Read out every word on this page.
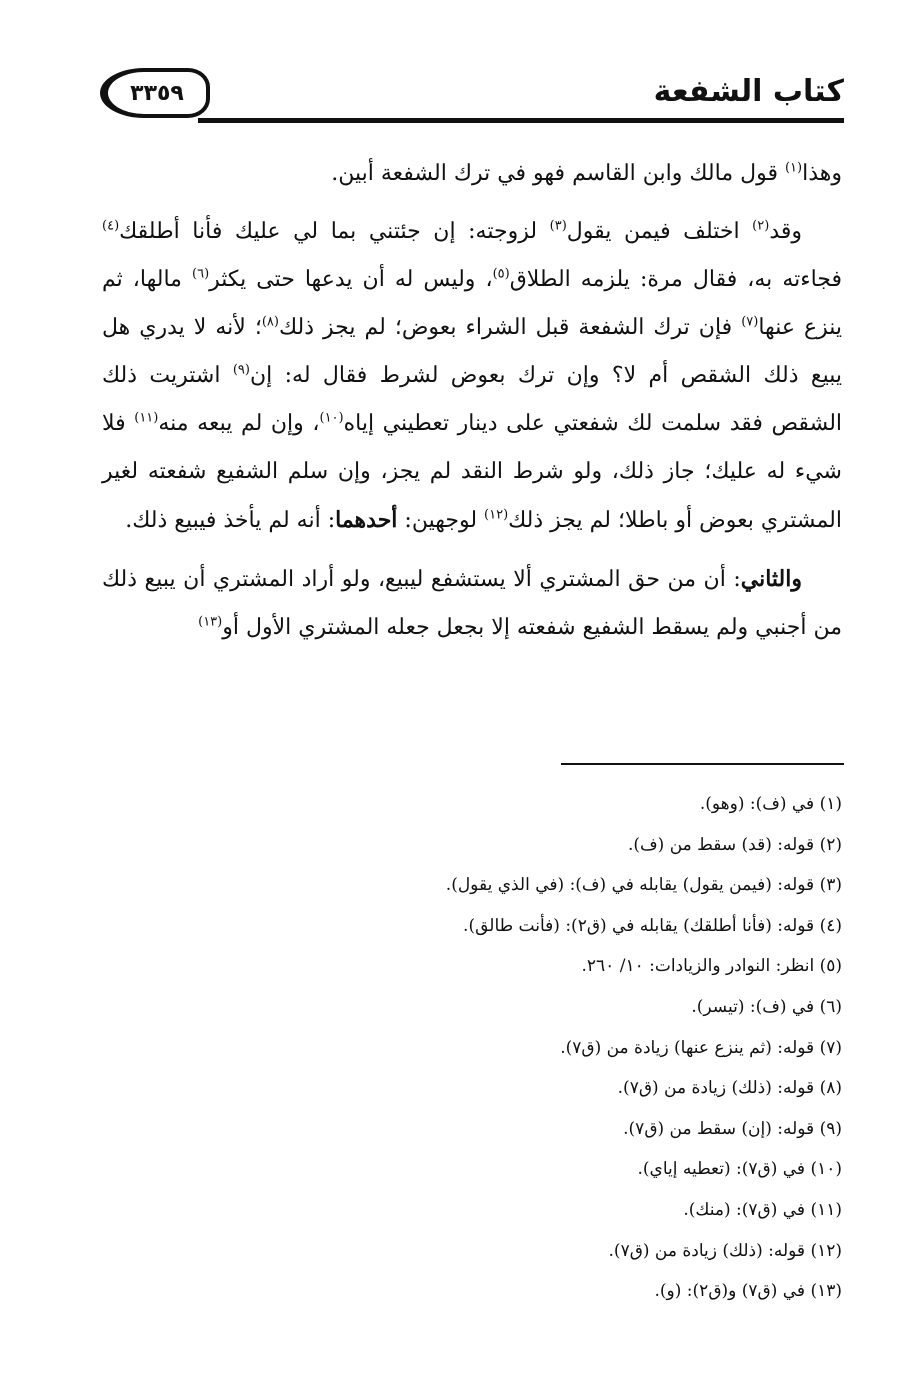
كتاب الشفعة
٣٣٥٩

وهذا$^{(١)}$ قول مالك وابن القاسم فهو في ترك الشفعة أبين.

وقد$^{(٢)}$ اختلف فيمن يقول$^{(٣)}$ لزوجته: إن جئتني بما لي عليك فأنا أطلقك$^{(٤)}$ فجاءته به، فقال مرة: يلزمه الطلاق$^{(٥)}$، وليس له أن يدعها حتى يكثر$^{(٦)}$ مالها، ثم ينزع عنها$^{(٧)}$ فإن ترك الشفعة قبل الشراء بعوض؛ لم يجز ذلك$^{(٨)}$؛ لأنه لا يدري هل يبيع ذلك الشقص أم لا؟ وإن ترك بعوض لشرط فقال له: إن$^{(٩)}$ اشتريت ذلك الشقص فقد سلمت لك شفعتي على دينار تعطيني إياه$^{(١٠)}$، وإن لم يبعه منه$^{(١١)}$ فلا شيء له عليك؛ جاز ذلك، ولو شرط النقد لم يجز، وإن سلم الشفيع شفعته لغير المشتري بعوض أو باطلا؛ لم يجز ذلك$^{(١٢)}$ لوجهين: أحدهما: أنه لم يأخذ فيبيع ذلك.

والثاني: أن من حق المشتري ألا يستشفع ليبيع، ولو أراد المشتري أن يبيع ذلك من أجنبي ولم يسقط الشفيع شفعته إلا بجعل جعله المشتري الأول أو$^{(١٣)}$

(١) في (ف): (وهو).
(٢) قوله: (قد) سقط من (ف).
(٣) قوله: (فيمن يقول) يقابله في (ف): (في الذي يقول).
(٤) قوله: (فأنا أطلقك) يقابله في (ق٢): (فأنت طالق).
(٥) انظر: النوادر والزيادات: ١٠/ ٢٦٠.
(٦) في (ف): (تيسر).
(٧) قوله: (ثم ينزع عنها) زيادة من (ق٧).
(٨) قوله: (ذلك) زيادة من (ق٧).
(٩) قوله: (إن) سقط من (ق٧).
(١٠) في (ق٧): (تعطيه إياي).
(١١) في (ق٧): (منك).
(١٢) قوله: (ذلك) زيادة من (ق٧).
(١٣) في (ق٧) و(ق٢): (و).
